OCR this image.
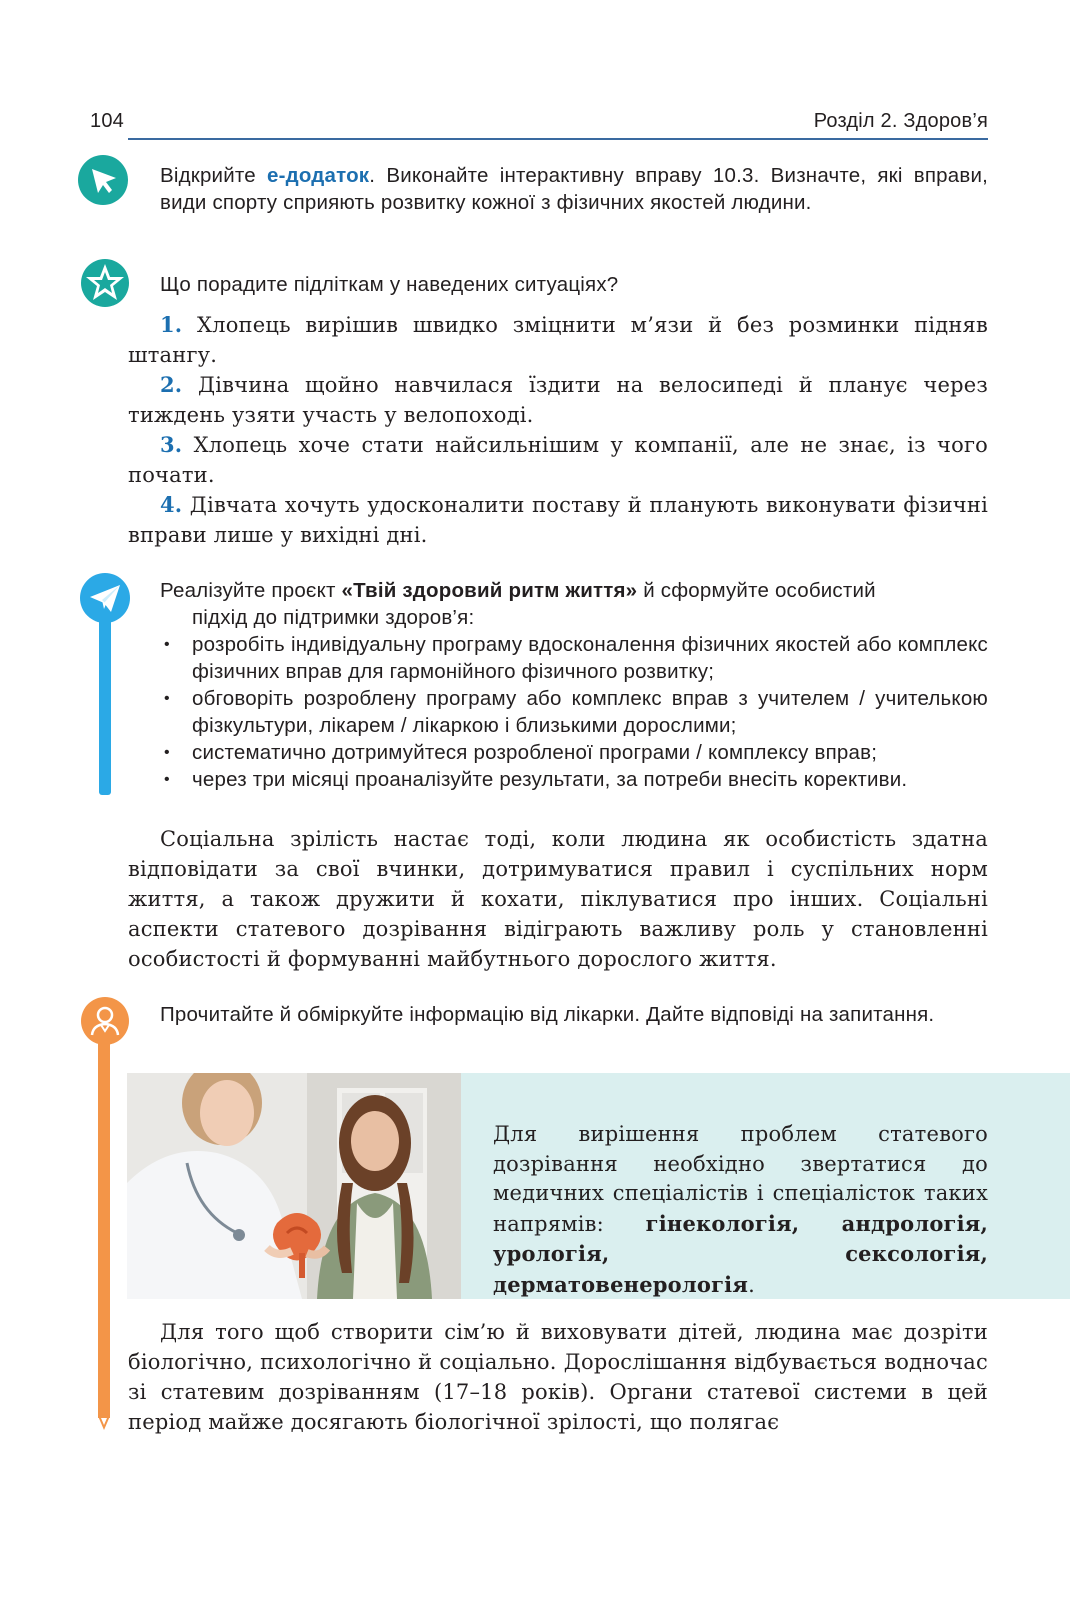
104	Розділ 2. Здоров’я
Відкрийте е-додаток. Виконайте інтерактивну вправу 10.3. Визначте, які вправи, види спорту сприяють розвитку кожної з фізичних якостей людини.
Що порадите підліткам у наведених ситуаціях?

1. Хлопець вирішив швидко зміцнити м’язи й без розминки підняв штангу.

2. Дівчина щойно навчилася їздити на велосипеді й планує через тиждень узяти участь у велопоході.

3. Хлопець хоче стати найсильнішим у компанії, але не знає, із чого почати.

4. Дівчата хочуть удосконалити поставу й планують виконувати фізичні вправи лише у вихідні дні.

Реалізуйте проєкт «Твій здоровий ритм життя» й сформуйте особистий
підхід до підтримки здоров’я:
• розробіть індивідуальну програму вдосконалення фізичних якостей або комплекс фізичних вправ для гармонійного фізичного розвитку;
• обговоріть розроблену програму або комплекс вправ з учителем / учителькою фізкультури, лікарем / лікаркою і близькими дорослими;
• систематично дотримуйтеся розробленої програми / комплексу вправ;
• через три місяці проаналізуйте результати, за потреби внесіть корективи.
Соціальна зрілість настає тоді, коли людина як особистість здатна відповідати за свої вчинки, дотримуватися правил і суспільних норм життя, а також дружити й кохати, піклуватися про інших. Соціальні аспекти статевого дозрівання відіграють важливу роль у становленні особистості й формуванні майбутнього дорослого життя.
Прочитайте й обміркуйте інформацію від лікарки. Дайте відповіді на запитання.
Для вирішення проблем статевого дозрівання необхідно звертатися до медичних спеціалістів і спеціалісток таких напрямів: гінекологія, андрологія, урологія, сексологія, дерматовенерологія.
Для того щоб створити сім’ю й виховувати дітей, людина має дозріти біологічно, психологічно й соціально. Дорослішання відбувається водночас зі статевим дозріванням (17–18 років). Органи статевої системи в цей період майже досягають біологічної зрілості, що полягає
